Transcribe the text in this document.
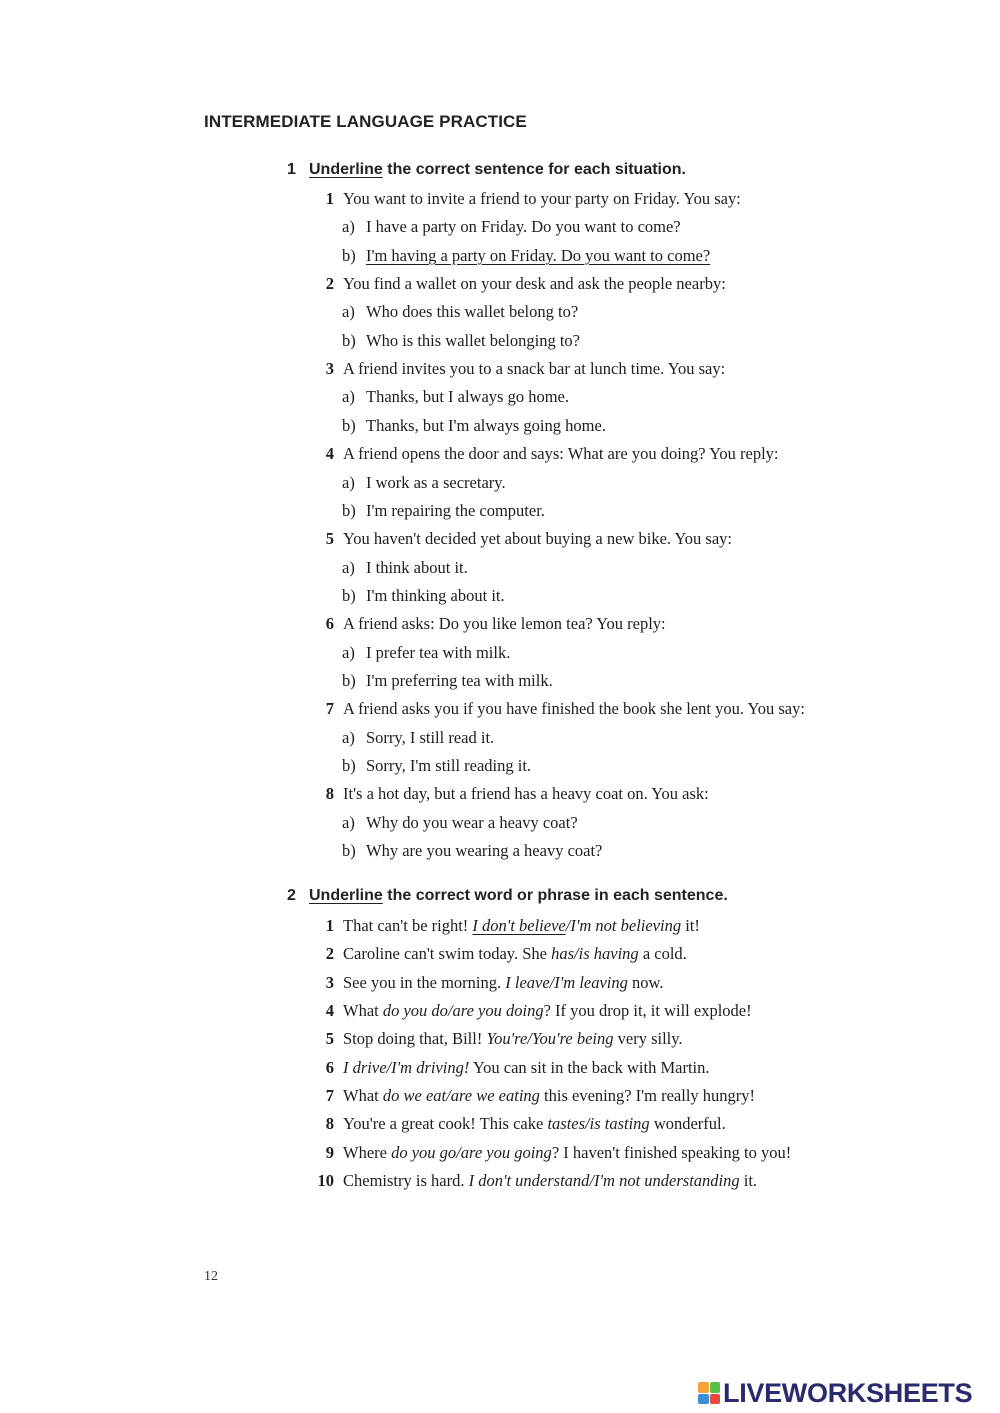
INTERMEDIATE LANGUAGE PRACTICE
1 Underline the correct sentence for each situation.
1 You want to invite a friend to your party on Friday. You say:
a) I have a party on Friday. Do you want to come?
b) I'm having a party on Friday. Do you want to come?
2 You find a wallet on your desk and ask the people nearby:
a) Who does this wallet belong to?
b) Who is this wallet belonging to?
3 A friend invites you to a snack bar at lunch time. You say:
a) Thanks, but I always go home.
b) Thanks, but I'm always going home.
4 A friend opens the door and says: What are you doing? You reply:
a) I work as a secretary.
b) I'm repairing the computer.
5 You haven't decided yet about buying a new bike. You say:
a) I think about it.
b) I'm thinking about it.
6 A friend asks: Do you like lemon tea? You reply:
a) I prefer tea with milk.
b) I'm preferring tea with milk.
7 A friend asks you if you have finished the book she lent you. You say:
a) Sorry, I still read it.
b) Sorry, I'm still reading it.
8 It's a hot day, but a friend has a heavy coat on. You ask:
a) Why do you wear a heavy coat?
b) Why are you wearing a heavy coat?
2 Underline the correct word or phrase in each sentence.
1 That can't be right! I don't believe/I'm not believing it!
2 Caroline can't swim today. She has/is having a cold.
3 See you in the morning. I leave/I'm leaving now.
4 What do you do/are you doing? If you drop it, it will explode!
5 Stop doing that, Bill! You're/You're being very silly.
6 I drive/I'm driving! You can sit in the back with Martin.
7 What do we eat/are we eating this evening? I'm really hungry!
8 You're a great cook! This cake tastes/is tasting wonderful.
9 Where do you go/are you going? I haven't finished speaking to you!
10 Chemistry is hard. I don't understand/I'm not understanding it.
12
LIVEWORKSHEETS
